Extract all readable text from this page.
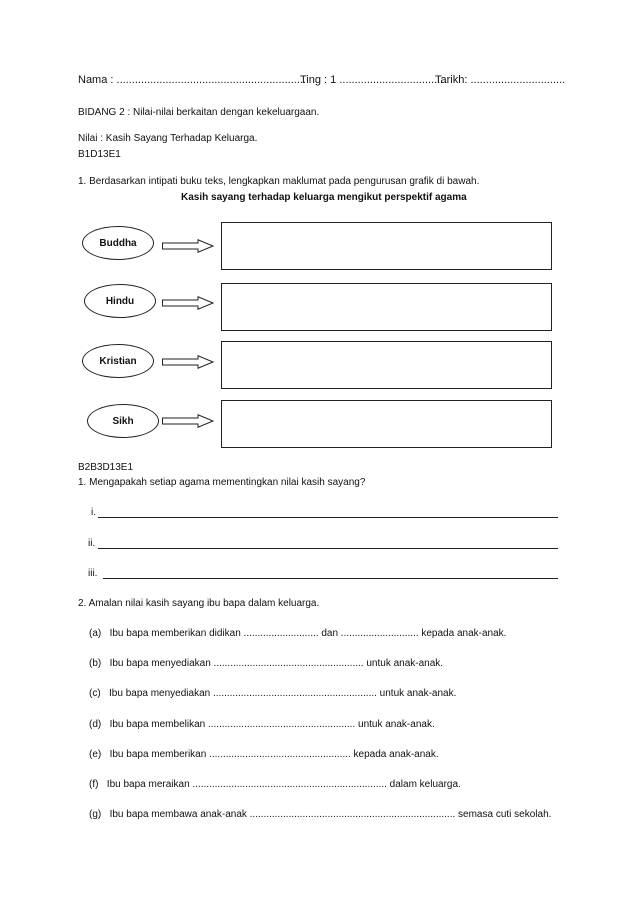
Nama : ..............................................................
Ting : 1 ..................................
Tarikh: ...............................
BIDANG 2 : Nilai-nilai berkaitan dengan kekeluargaan.
Nilai : Kasih Sayang Terhadap Keluarga.
B1D13E1
1. Berdasarkan intipati buku teks, lengkapkan maklumat pada pengurusan grafik di bawah.
Kasih sayang terhadap keluarga mengikut perspektif agama
Buddha
Hindu
Kristian
Sikh
B2B3D13E1
1. Mengapakah setiap agama mementingkan nilai kasih sayang?
i.
ii.
iii.
2. Amalan nilai kasih sayang ibu bapa dalam keluarga.
(a) Ibu bapa memberikan didikan ........................... dan ............................ kepada anak-anak.
(b) Ibu bapa menyediakan ...................................................... untuk anak-anak.
(c) Ibu bapa menyediakan ........................................................... untuk anak-anak.
(d) Ibu bapa membelikan ..................................................... untuk anak-anak.
(e) Ibu bapa memberikan ................................................... kepada anak-anak.
(f) Ibu bapa meraikan ...................................................................... dalam keluarga.
(g) Ibu bapa membawa anak-anak .......................................................................... semasa cuti sekolah.
